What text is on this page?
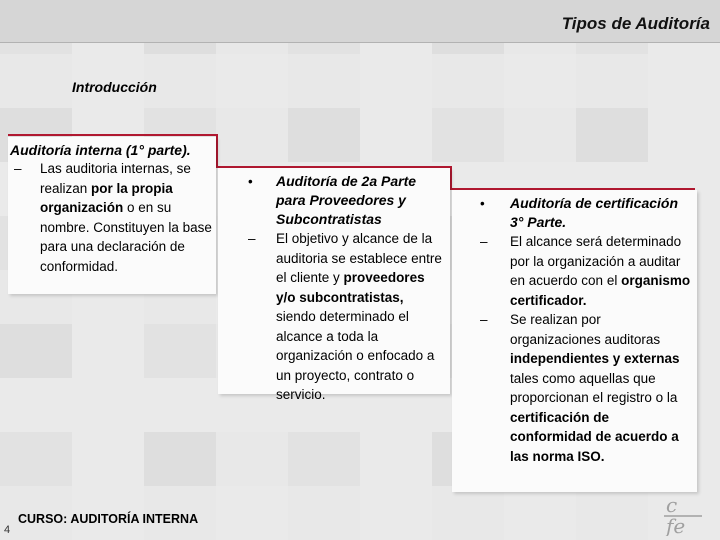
Tipos de Auditoría
Introducción
Auditoría interna (1° parte).
–	Las auditoria internas, se realizan por la propia organización o en su nombre. Constituyen la base para una declaración de conformidad.
•	Auditoría de 2a Parte para Proveedores y Subcontratistas
–	El objetivo y alcance de la auditoria se establece entre el cliente y proveedores y/o subcontratistas, siendo determinado el alcance a toda la organización o enfocado a un proyecto, contrato o servicio.
•	Auditoría de certificación 3° Parte.
–	El alcance será determinado por la organización a auditar en acuerdo con el organismo certificador.
–	Se realizan por organizaciones auditoras independientes y externas tales como aquellas que proporcionan el registro o la certificación de conformidad de acuerdo a las norma ISO.
4
CURSO: AUDITORÍA INTERNA
c
fe
